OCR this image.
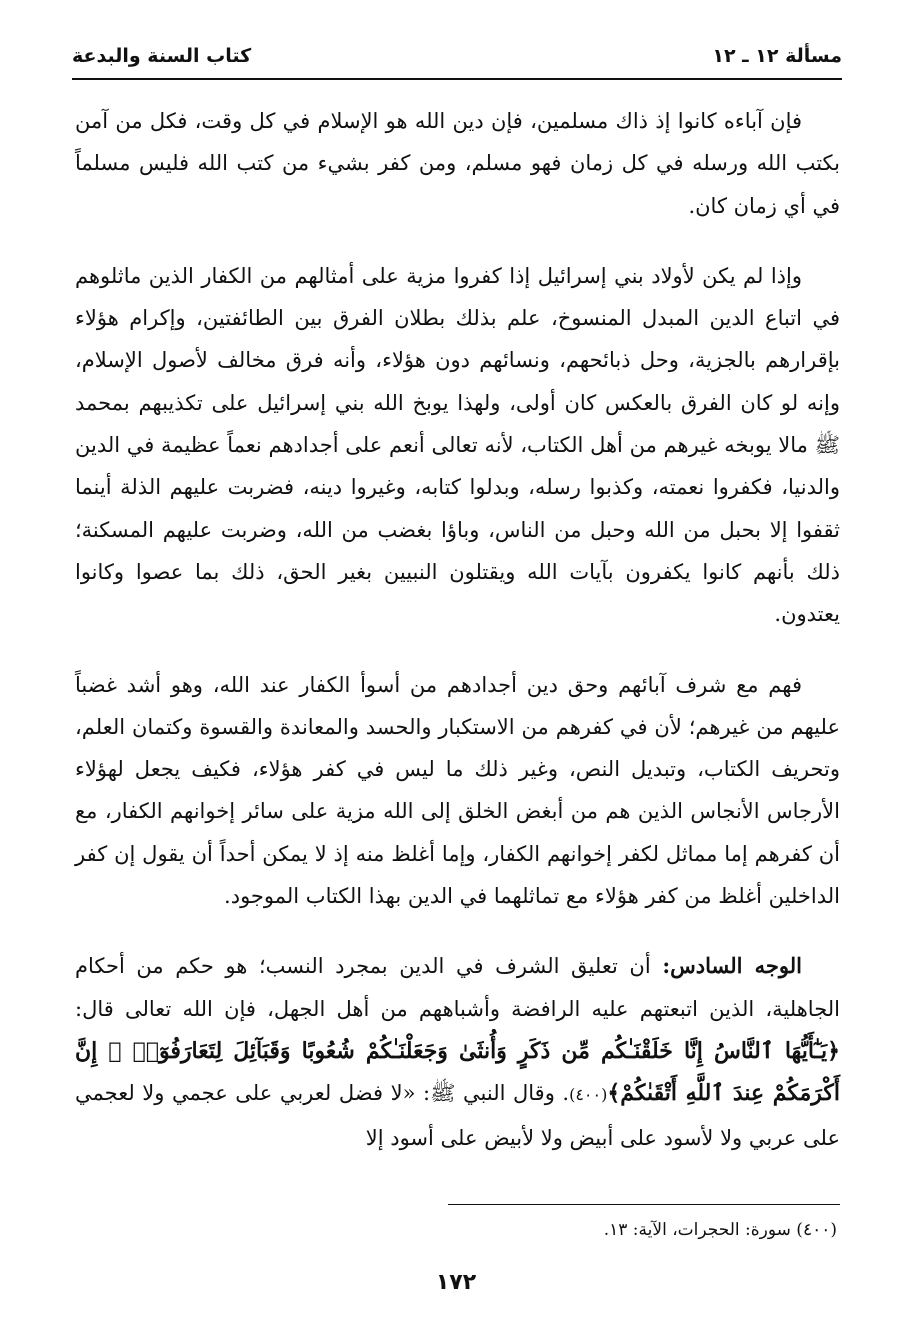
مسألة ١٢ ـ ١٢
كتاب السنة والبدعة

فإن آباءه كانوا إذ ذاك مسلمين، فإن دين الله هو الإسلام في كل وقت، فكل من آمن بكتب الله ورسله في كل زمان فهو مسلم، ومن كفر بشيء من كتب الله فليس مسلماً في أي زمان كان.

وإذا لم يكن لأولاد بني إسرائيل إذا كفروا مزية على أمثالهم من الكفار الذين ماثلوهم في اتباع الدين المبدل المنسوخ، علم بذلك بطلان الفرق بين الطائفتين، وإكرام هؤلاء بإقرارهم بالجزية، وحل ذبائحهم، ونسائهم دون هؤلاء، وأنه فرق مخالف لأصول الإسلام، وإنه لو كان الفرق بالعكس كان أولى، ولهذا يوبخ الله بني إسرائيل على تكذيبهم بمحمد ﷺ مالا يوبخه غيرهم من أهل الكتاب، لأنه تعالى أنعم على أجدادهم نعماً عظيمة في الدين والدنيا، فكفروا نعمته، وكذبوا رسله، وبدلوا كتابه، وغيروا دينه، فضربت عليهم الذلة أينما ثقفوا إلا بحبل من الله وحبل من الناس، وباؤا بغضب من الله، وضربت عليهم المسكنة؛ ذلك بأنهم كانوا يكفرون بآيات الله ويقتلون النبيين بغير الحق، ذلك بما عصوا وكانوا يعتدون.

فهم مع شرف آبائهم وحق دين أجدادهم من أسوأ الكفار عند الله، وهو أشد غضباً عليهم من غيرهم؛ لأن في كفرهم من الاستكبار والحسد والمعاندة والقسوة وكتمان العلم، وتحريف الكتاب، وتبديل النص، وغير ذلك ما ليس في كفر هؤلاء، فكيف يجعل لهؤلاء الأرجاس الأنجاس الذين هم من أبغض الخلق إلى الله مزية على سائر إخوانهم الكفار، مع أن كفرهم إما مماثل لكفر إخوانهم الكفار، وإما أغلظ منه إذ لا يمكن أحداً أن يقول إن كفر الداخلين أغلظ من كفر هؤلاء مع تماثلهما في الدين بهذا الكتاب الموجود.

الوجه السادس: أن تعليق الشرف في الدين بمجرد النسب؛ هو حكم من أحكام الجاهلية، الذين اتبعتهم عليه الرافضة وأشباههم من أهل الجهل، فإن الله تعالى قال: ﴿يَـٰٓأَيُّهَا ٱلنَّاسُ إِنَّا خَلَقْنَـٰكُم مِّن ذَكَرٍ وَأُنثَىٰ وَجَعَلْنَـٰكُمْ شُعُوبًا وَقَبَآئِلَ لِتَعَارَفُوٓا۟ ۚ إِنَّ أَكْرَمَكُمْ عِندَ ٱللَّهِ أَتْقَىٰكُمْ﴾(٤٠٠). وقال النبي ﷺ: «لا فضل لعربي على عجمي ولا لعجمي على عربي ولا لأسود على أبيض ولا لأبيض على أسود إلا

(٤٠٠) سورة: الحجرات، الآية: ١٣.
١٧٢
